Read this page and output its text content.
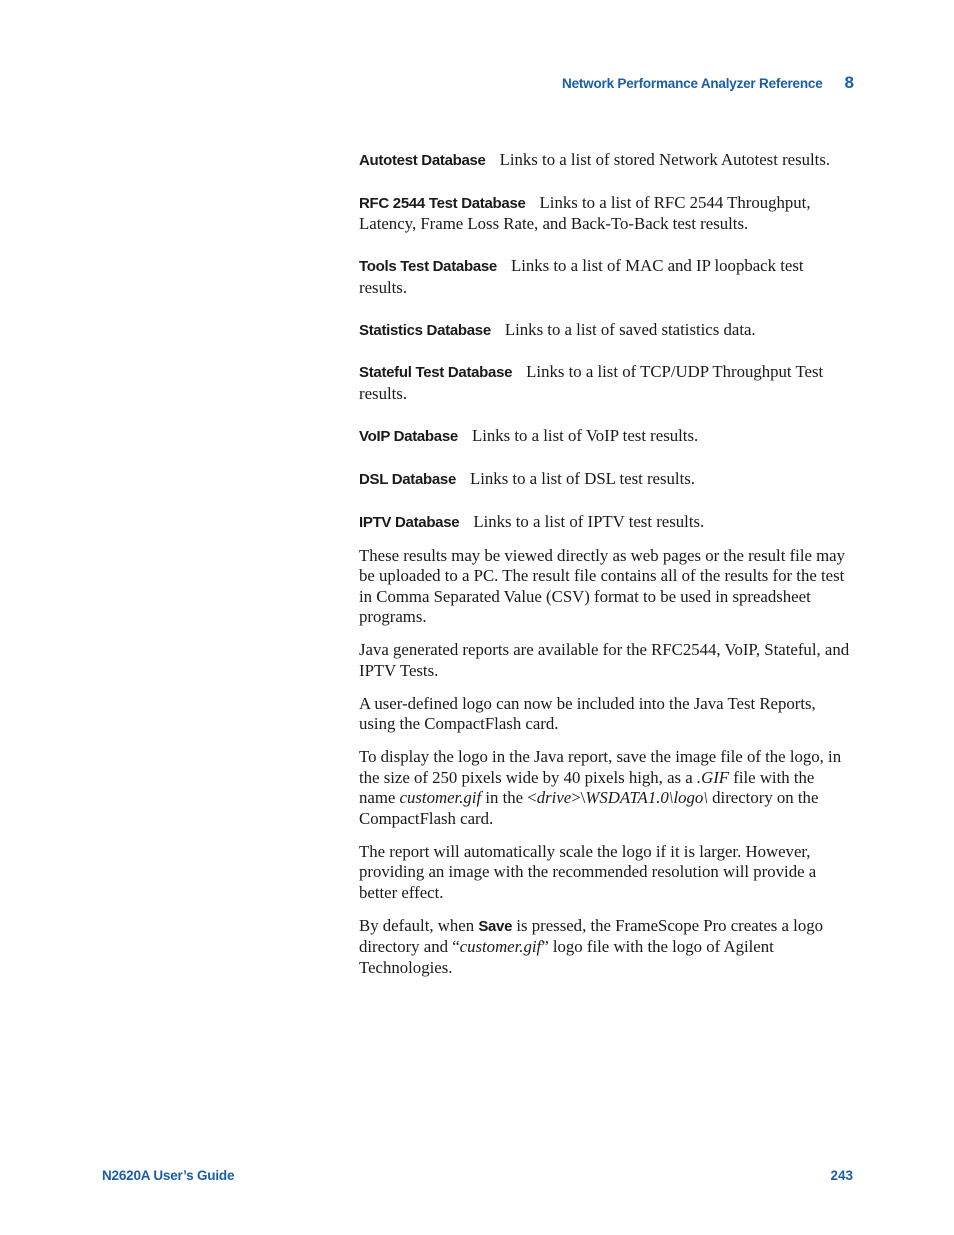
Network Performance Analyzer Reference 8

Autotest Database Links to a list of stored Network Autotest results.

RFC 2544 Test Database Links to a list of RFC 2544 Throughput, Latency, Frame Loss Rate, and Back-To-Back test results.

Tools Test Database Links to a list of MAC and IP loopback test results.

Statistics Database Links to a list of saved statistics data.

Stateful Test Database Links to a list of TCP/UDP Throughput Test results.

VoIP Database Links to a list of VoIP test results.

DSL Database Links to a list of DSL test results.

IPTV Database Links to a list of IPTV test results.

These results may be viewed directly as web pages or the result file may be uploaded to a PC. The result file contains all of the results for the test in Comma Separated Value (CSV) format to be used in spreadsheet programs.

Java generated reports are available for the RFC2544, VoIP, Stateful, and IPTV Tests.

A user-defined logo can now be included into the Java Test Reports, using the CompactFlash card.

To display the logo in the Java report, save the image file of the logo, in the size of 250 pixels wide by 40 pixels high, as a .GIF file with the name customer.gif in the <drive>\WSDATA1.0\logo\ directory on the CompactFlash card.

The report will automatically scale the logo if it is larger. However, providing an image with the recommended resolution will provide a better effect.

By default, when Save is pressed, the FrameScope Pro creates a logo directory and “customer.gif” logo file with the logo of Agilent Technologies.

N2620A User’s Guide	243
